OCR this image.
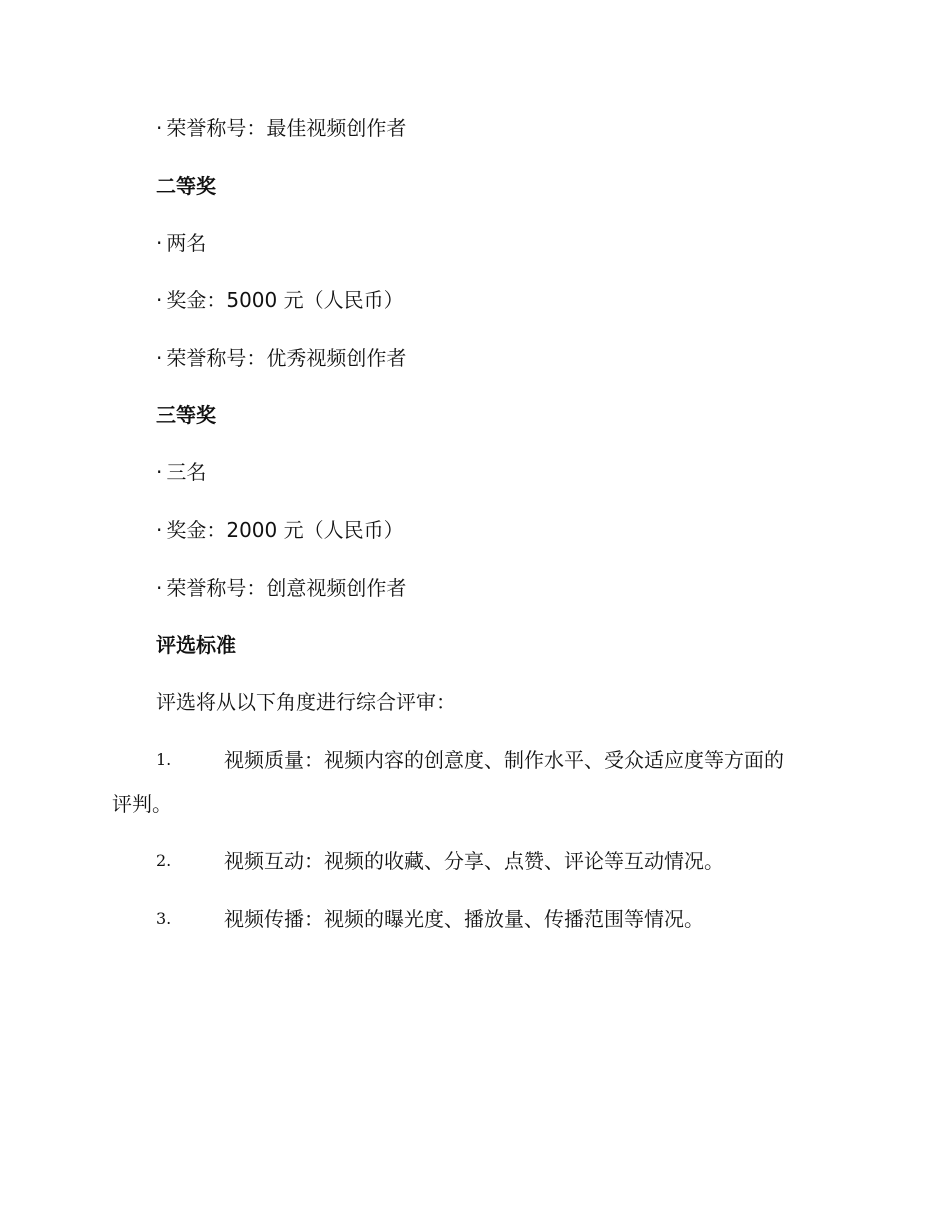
· 荣誉称号：最佳视频创作者
二等奖
· 两名
· 奖金：5000 元（人民币）
· 荣誉称号：优秀视频创作者
三等奖
· 三名
· 奖金：2000 元（人民币）
· 荣誉称号：创意视频创作者
评选标准
评选将从以下角度进行综合评审：
1.	视频质量：视频内容的创意度、制作水平、受众适应度等方面的
评判。
2.	视频互动：视频的收藏、分享、点赞、评论等互动情况。
3.	视频传播：视频的曝光度、播放量、传播范围等情况。
